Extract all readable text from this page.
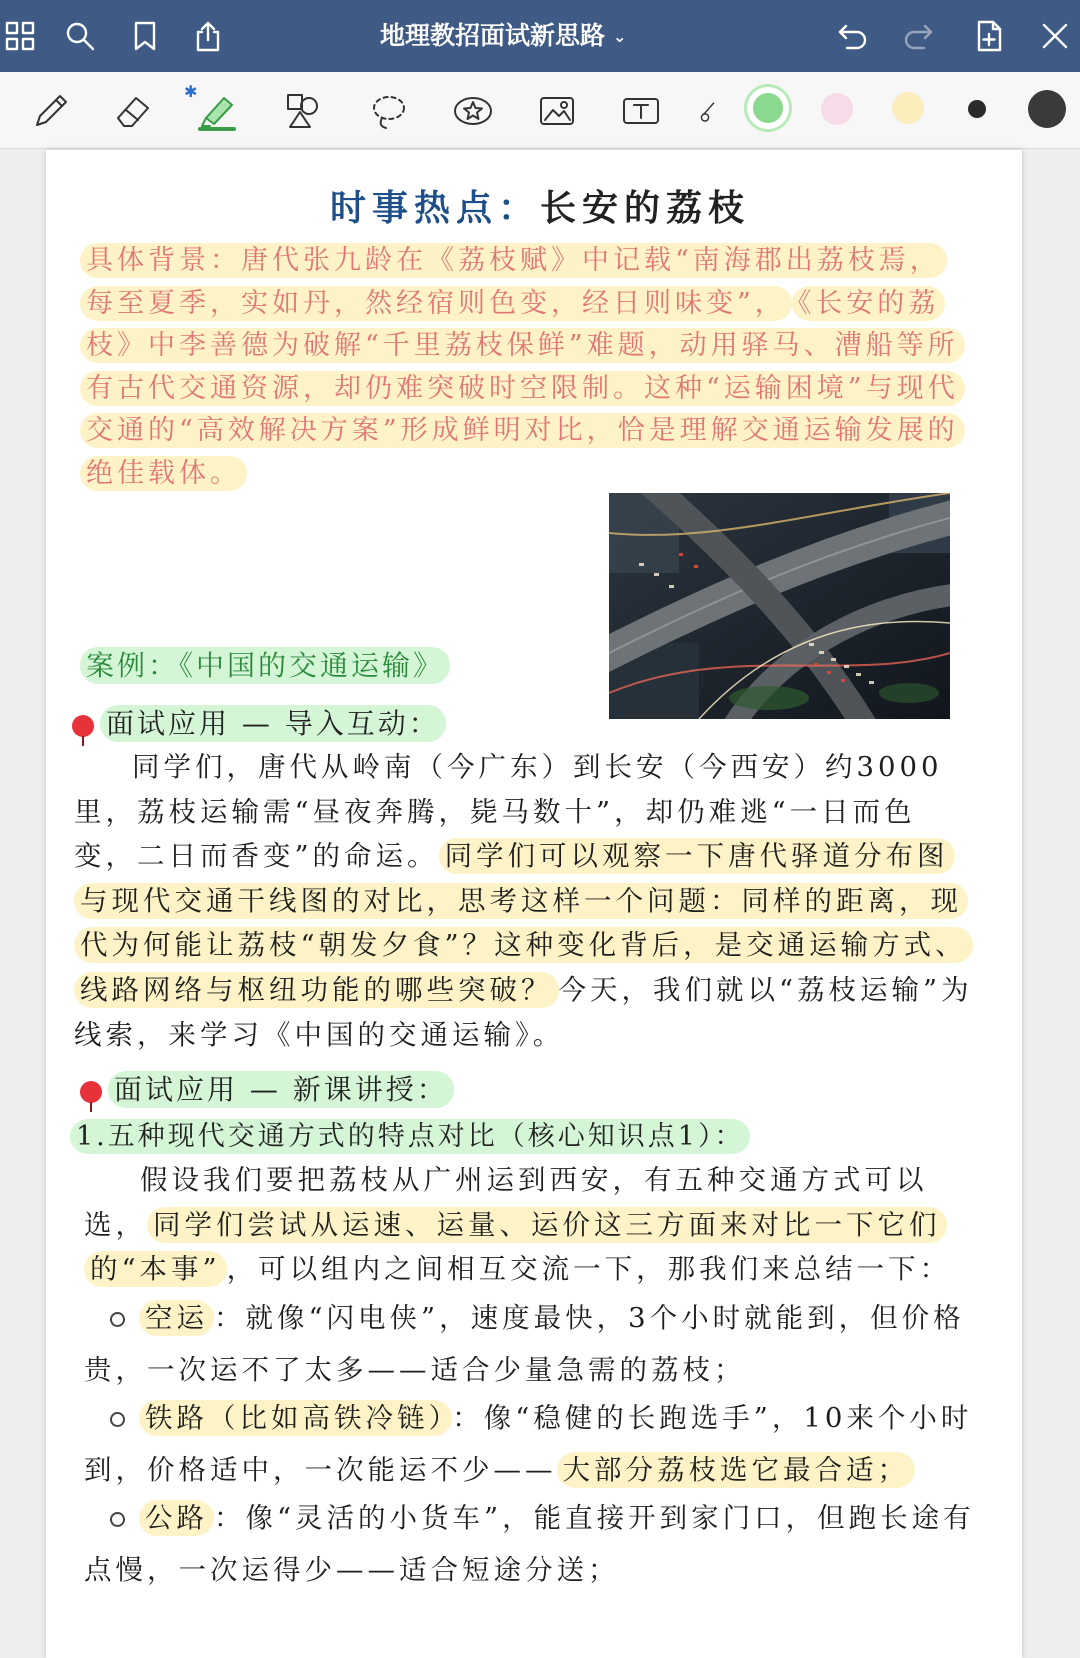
地理教招面试新思路 ⌄
✱
时事热点：长安的荔枝
具体背景：唐代张九龄在《荔枝赋》中记载“南海郡出荔枝焉，每至夏季，实如丹，然经宿则色变，经日则味变”， 《长安的荔枝》中李善德为破解“千里荔枝保鲜”难题，动用驿马、漕船等所有古代交通资源，却仍难突破时空限制。这种“运输困境”与现代交通的“高效解决方案”形成鲜明对比，恰是理解交通运输发展的绝佳载体。
案例：《中国的交通运输》
面试应用 — 导入互动：
同学们，唐代从岭南（今广东）到长安（今西安）约3000里，荔枝运输需“昼夜奔腾，毙马数十”，却仍难逃“一日而色变，二日而香变”的命运。 同学们可以观察一下唐代驿道分布图与现代交通干线图的对比，思考这样一个问题：同样的距离，现代为何能让荔枝“朝发夕食”？这种变化背后，是交通运输方式、线路网络与枢纽功能的哪些突破？ 今天，我们就以“荔枝运输”为线索，来学习《中国的交通运输》。
面试应用 — 新课讲授：
1.五种现代交通方式的特点对比（核心知识点1）：
假设我们要把荔枝从广州运到西安，有五种交通方式可以选， 同学们尝试从运速、运量、运价这三方面来对比一下它们的“本事” ，可以组内之间相互交流一下，那我们来总结一下：
空运 ：就像“闪电侠”，速度最快，3个小时就能到，但价格贵，一次运不了太多——适合少量急需的荔枝；
铁路（比如高铁冷链） ：像“稳健的长跑选手”，10来个小时到，价格适中，一次能运不少—— 大部分荔枝选它最合适；
公路 ：像“灵活的小货车”，能直接开到家门口，但跑长途有点慢，一次运得少——适合短途分送；
